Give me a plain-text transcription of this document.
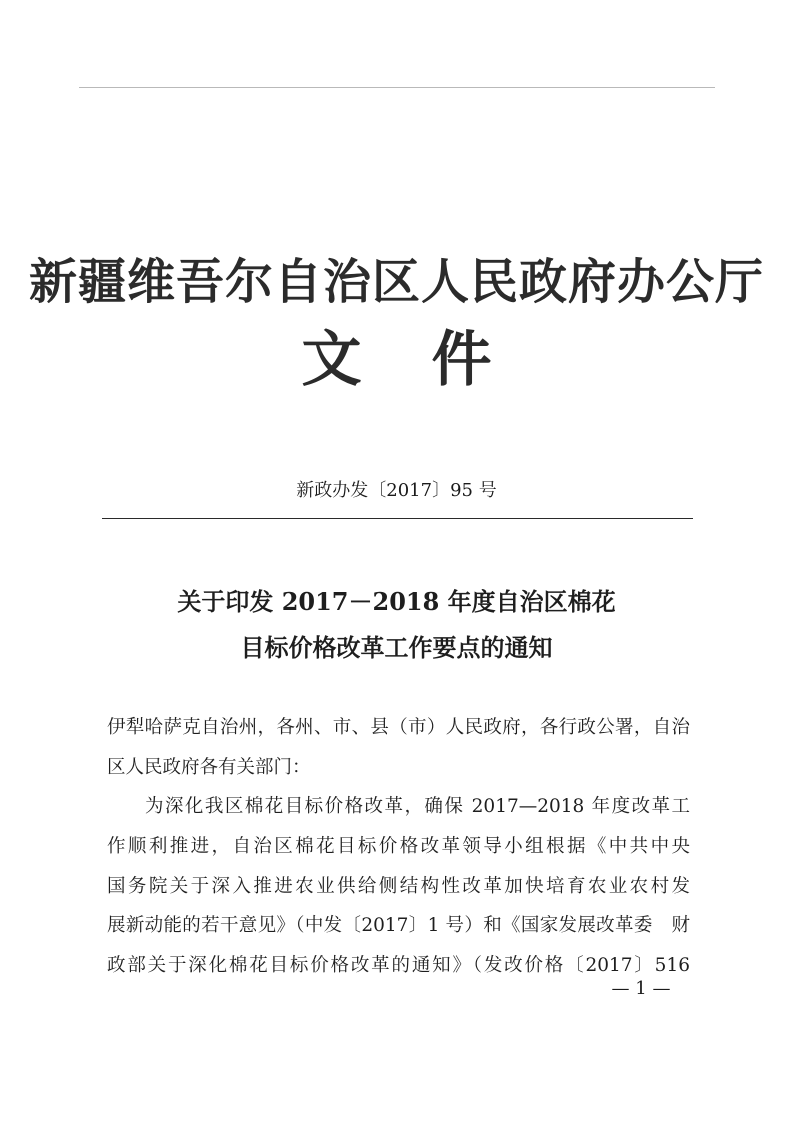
新疆维吾尔自治区人民政府办公厅
文件
新政办发〔2017〕95 号
关于印发 2017－2018 年度自治区棉花
目标价格改革工作要点的通知
伊犁哈萨克自治州，各州、市、县（市）人民政府，各行政公署，自治
区人民政府各有关部门：
为深化我区棉花目标价格改革，确保 2017—2018 年度改革工
作顺利推进，自治区棉花目标价格改革领导小组根据《中共中央
国务院关于深入推进农业供给侧结构性改革加快培育农业农村发
展新动能的若干意见》（中发〔2017〕1 号）和《国家发展改革委　财
政部关于深化棉花目标价格改革的通知》（发改价格〔2017〕516
— 1 —
